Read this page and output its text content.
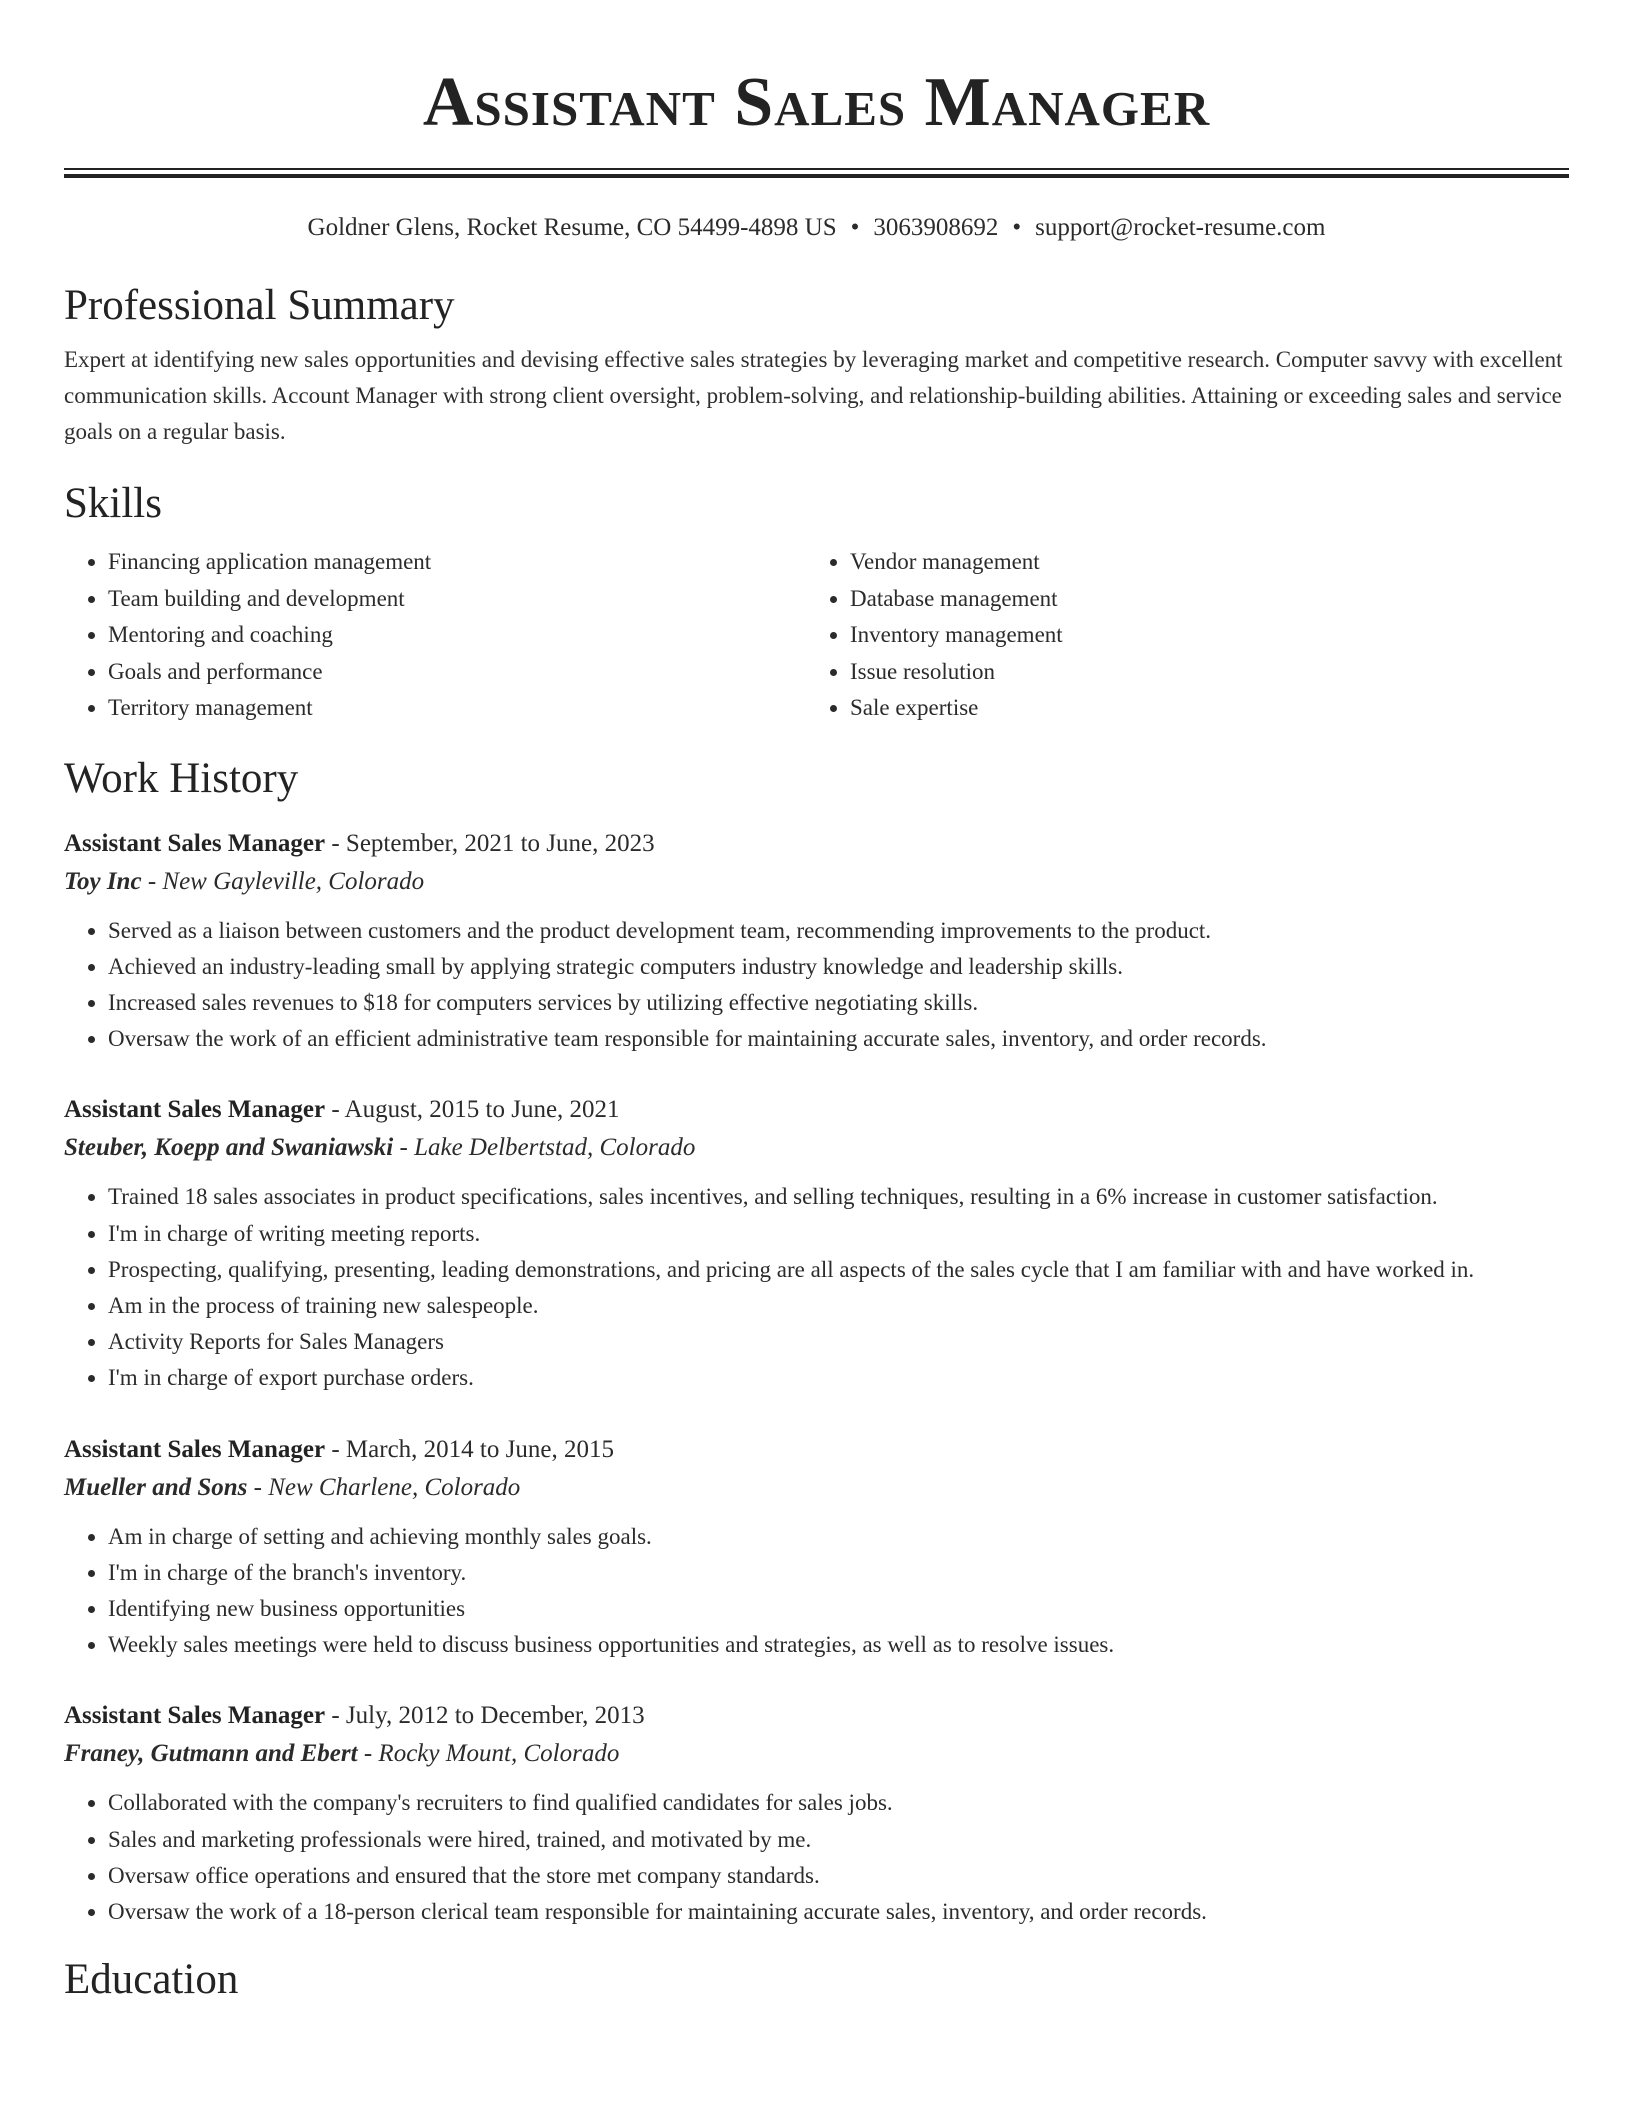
Assistant Sales Manager
Goldner Glens, Rocket Resume, CO 54499-4898 US • 3063908692 • support@rocket-resume.com
Professional Summary

Expert at identifying new sales opportunities and devising effective sales strategies by leveraging market and competitive research. Computer savvy with excellent communication skills. Account Manager with strong client oversight, problem-solving, and relationship-building abilities. Attaining or exceeding sales and service goals on a regular basis.

Skills
• Financing application management
• Team building and development
• Mentoring and coaching
• Goals and performance
• Territory management
• Vendor management
• Database management
• Inventory management
• Issue resolution
• Sale expertise
Work History
Assistant Sales Manager - September, 2021 to June, 2023
Toy Inc - New Gayleville, Colorado
• Served as a liaison between customers and the product development team, recommending improvements to the product.
• Achieved an industry-leading small by applying strategic computers industry knowledge and leadership skills.
• Increased sales revenues to $18 for computers services by utilizing effective negotiating skills.
• Oversaw the work of an efficient administrative team responsible for maintaining accurate sales, inventory, and order records.
Assistant Sales Manager - August, 2015 to June, 2021
Steuber, Koepp and Swaniawski - Lake Delbertstad, Colorado
• Trained 18 sales associates in product specifications, sales incentives, and selling techniques, resulting in a 6% increase in customer satisfaction.
• I'm in charge of writing meeting reports.
• Prospecting, qualifying, presenting, leading demonstrations, and pricing are all aspects of the sales cycle that I am familiar with and have worked in.
• Am in the process of training new salespeople.
• Activity Reports for Sales Managers
• I'm in charge of export purchase orders.
Assistant Sales Manager - March, 2014 to June, 2015
Mueller and Sons - New Charlene, Colorado
• Am in charge of setting and achieving monthly sales goals.
• I'm in charge of the branch's inventory.
• Identifying new business opportunities
• Weekly sales meetings were held to discuss business opportunities and strategies, as well as to resolve issues.
Assistant Sales Manager - July, 2012 to December, 2013
Franey, Gutmann and Ebert - Rocky Mount, Colorado
• Collaborated with the company's recruiters to find qualified candidates for sales jobs.
• Sales and marketing professionals were hired, trained, and motivated by me.
• Oversaw office operations and ensured that the store met company standards.
• Oversaw the work of a 18-person clerical team responsible for maintaining accurate sales, inventory, and order records.
Education
